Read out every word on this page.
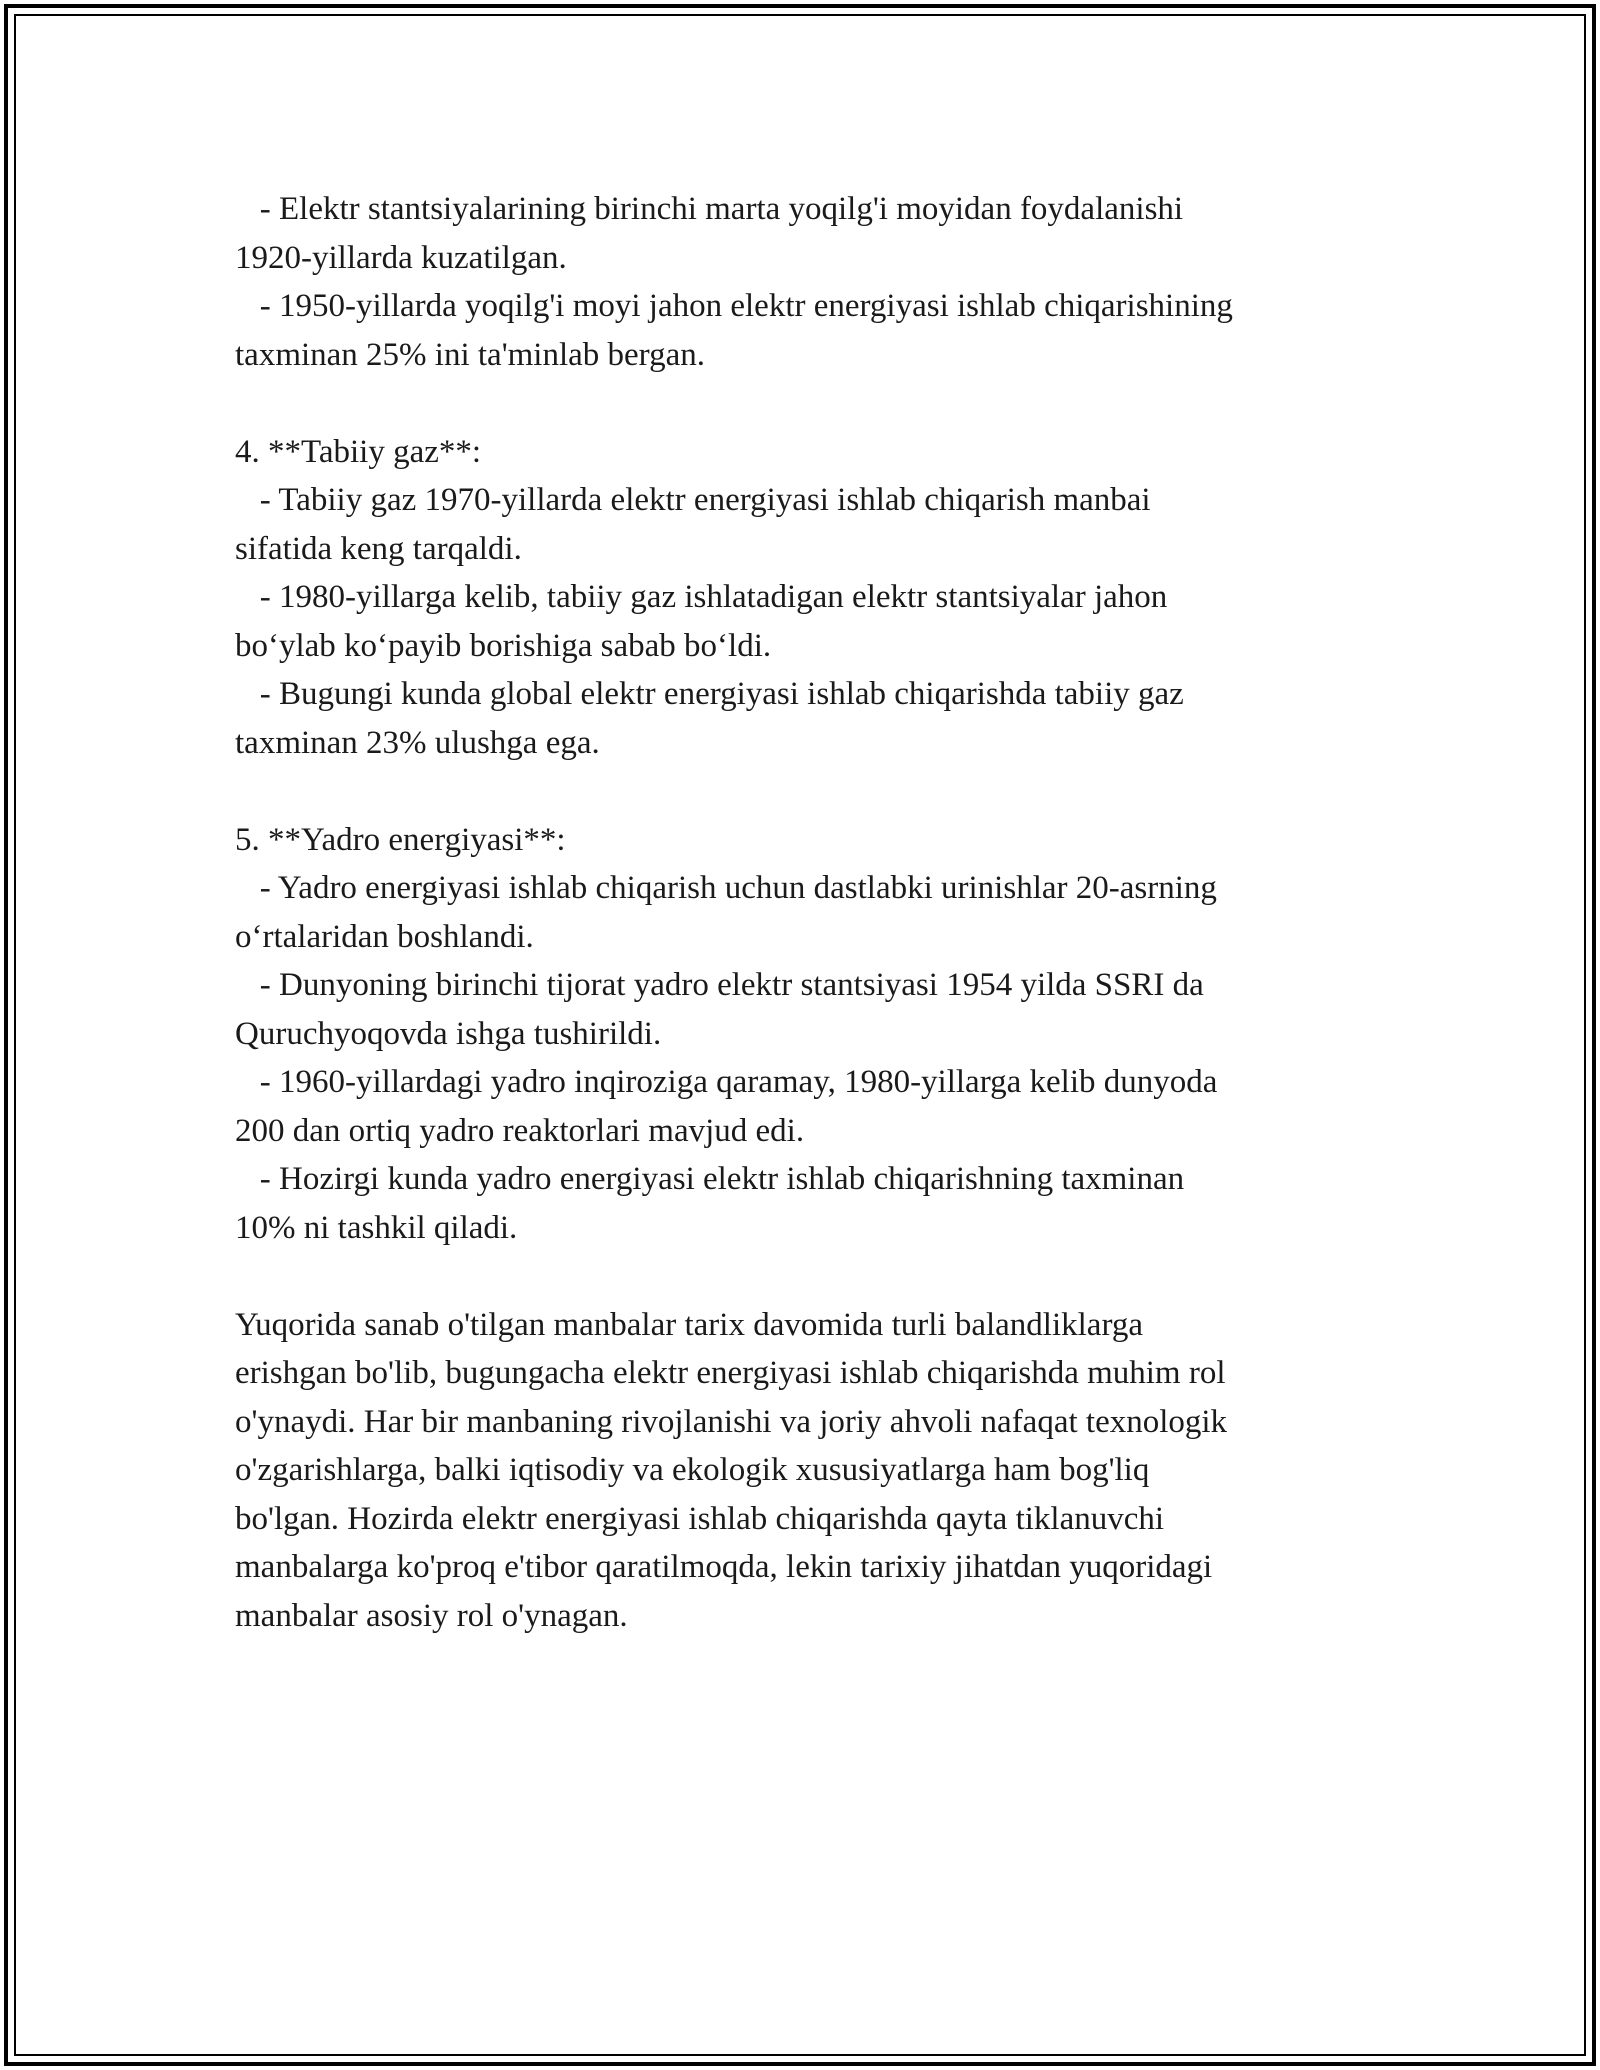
- Elektr stantsiyalarining birinchi marta yoqilg'i moyidan foydalanishi
1920-yillarda kuzatilgan.
- 1950-yillarda yoqilg'i moyi jahon elektr energiyasi ishlab chiqarishining
taxminan 25% ini ta'minlab bergan.
4. **Tabiiy gaz**:
- Tabiiy gaz 1970-yillarda elektr energiyasi ishlab chiqarish manbai
sifatida keng tarqaldi.
- 1980-yillarga kelib, tabiiy gaz ishlatadigan elektr stantsiyalar jahon
bo‘ylab ko‘payib borishiga sabab bo‘ldi.
- Bugungi kunda global elektr energiyasi ishlab chiqarishda tabiiy gaz
taxminan 23% ulushga ega.
5. **Yadro energiyasi**:
- Yadro energiyasi ishlab chiqarish uchun dastlabki urinishlar 20-asrning
o‘rtalaridan boshlandi.
- Dunyoning birinchi tijorat yadro elektr stantsiyasi 1954 yilda SSRI da
Quruchyoqovda ishga tushirildi.
- 1960-yillardagi yadro inqiroziga qaramay, 1980-yillarga kelib dunyoda
200 dan ortiq yadro reaktorlari mavjud edi.
- Hozirgi kunda yadro energiyasi elektr ishlab chiqarishning taxminan
10% ni tashkil qiladi.
Yuqorida sanab o'tilgan manbalar tarix davomida turli balandliklarga
erishgan bo'lib, bugungacha elektr energiyasi ishlab chiqarishda muhim rol
o'ynaydi. Har bir manbaning rivojlanishi va joriy ahvoli nafaqat texnologik
o'zgarishlarga, balki iqtisodiy va ekologik xususiyatlarga ham bog'liq
bo'lgan. Hozirda elektr energiyasi ishlab chiqarishda qayta tiklanuvchi
manbalarga ko'proq e'tibor qaratilmoqda, lekin tarixiy jihatdan yuqoridagi
manbalar asosiy rol o'ynagan.
